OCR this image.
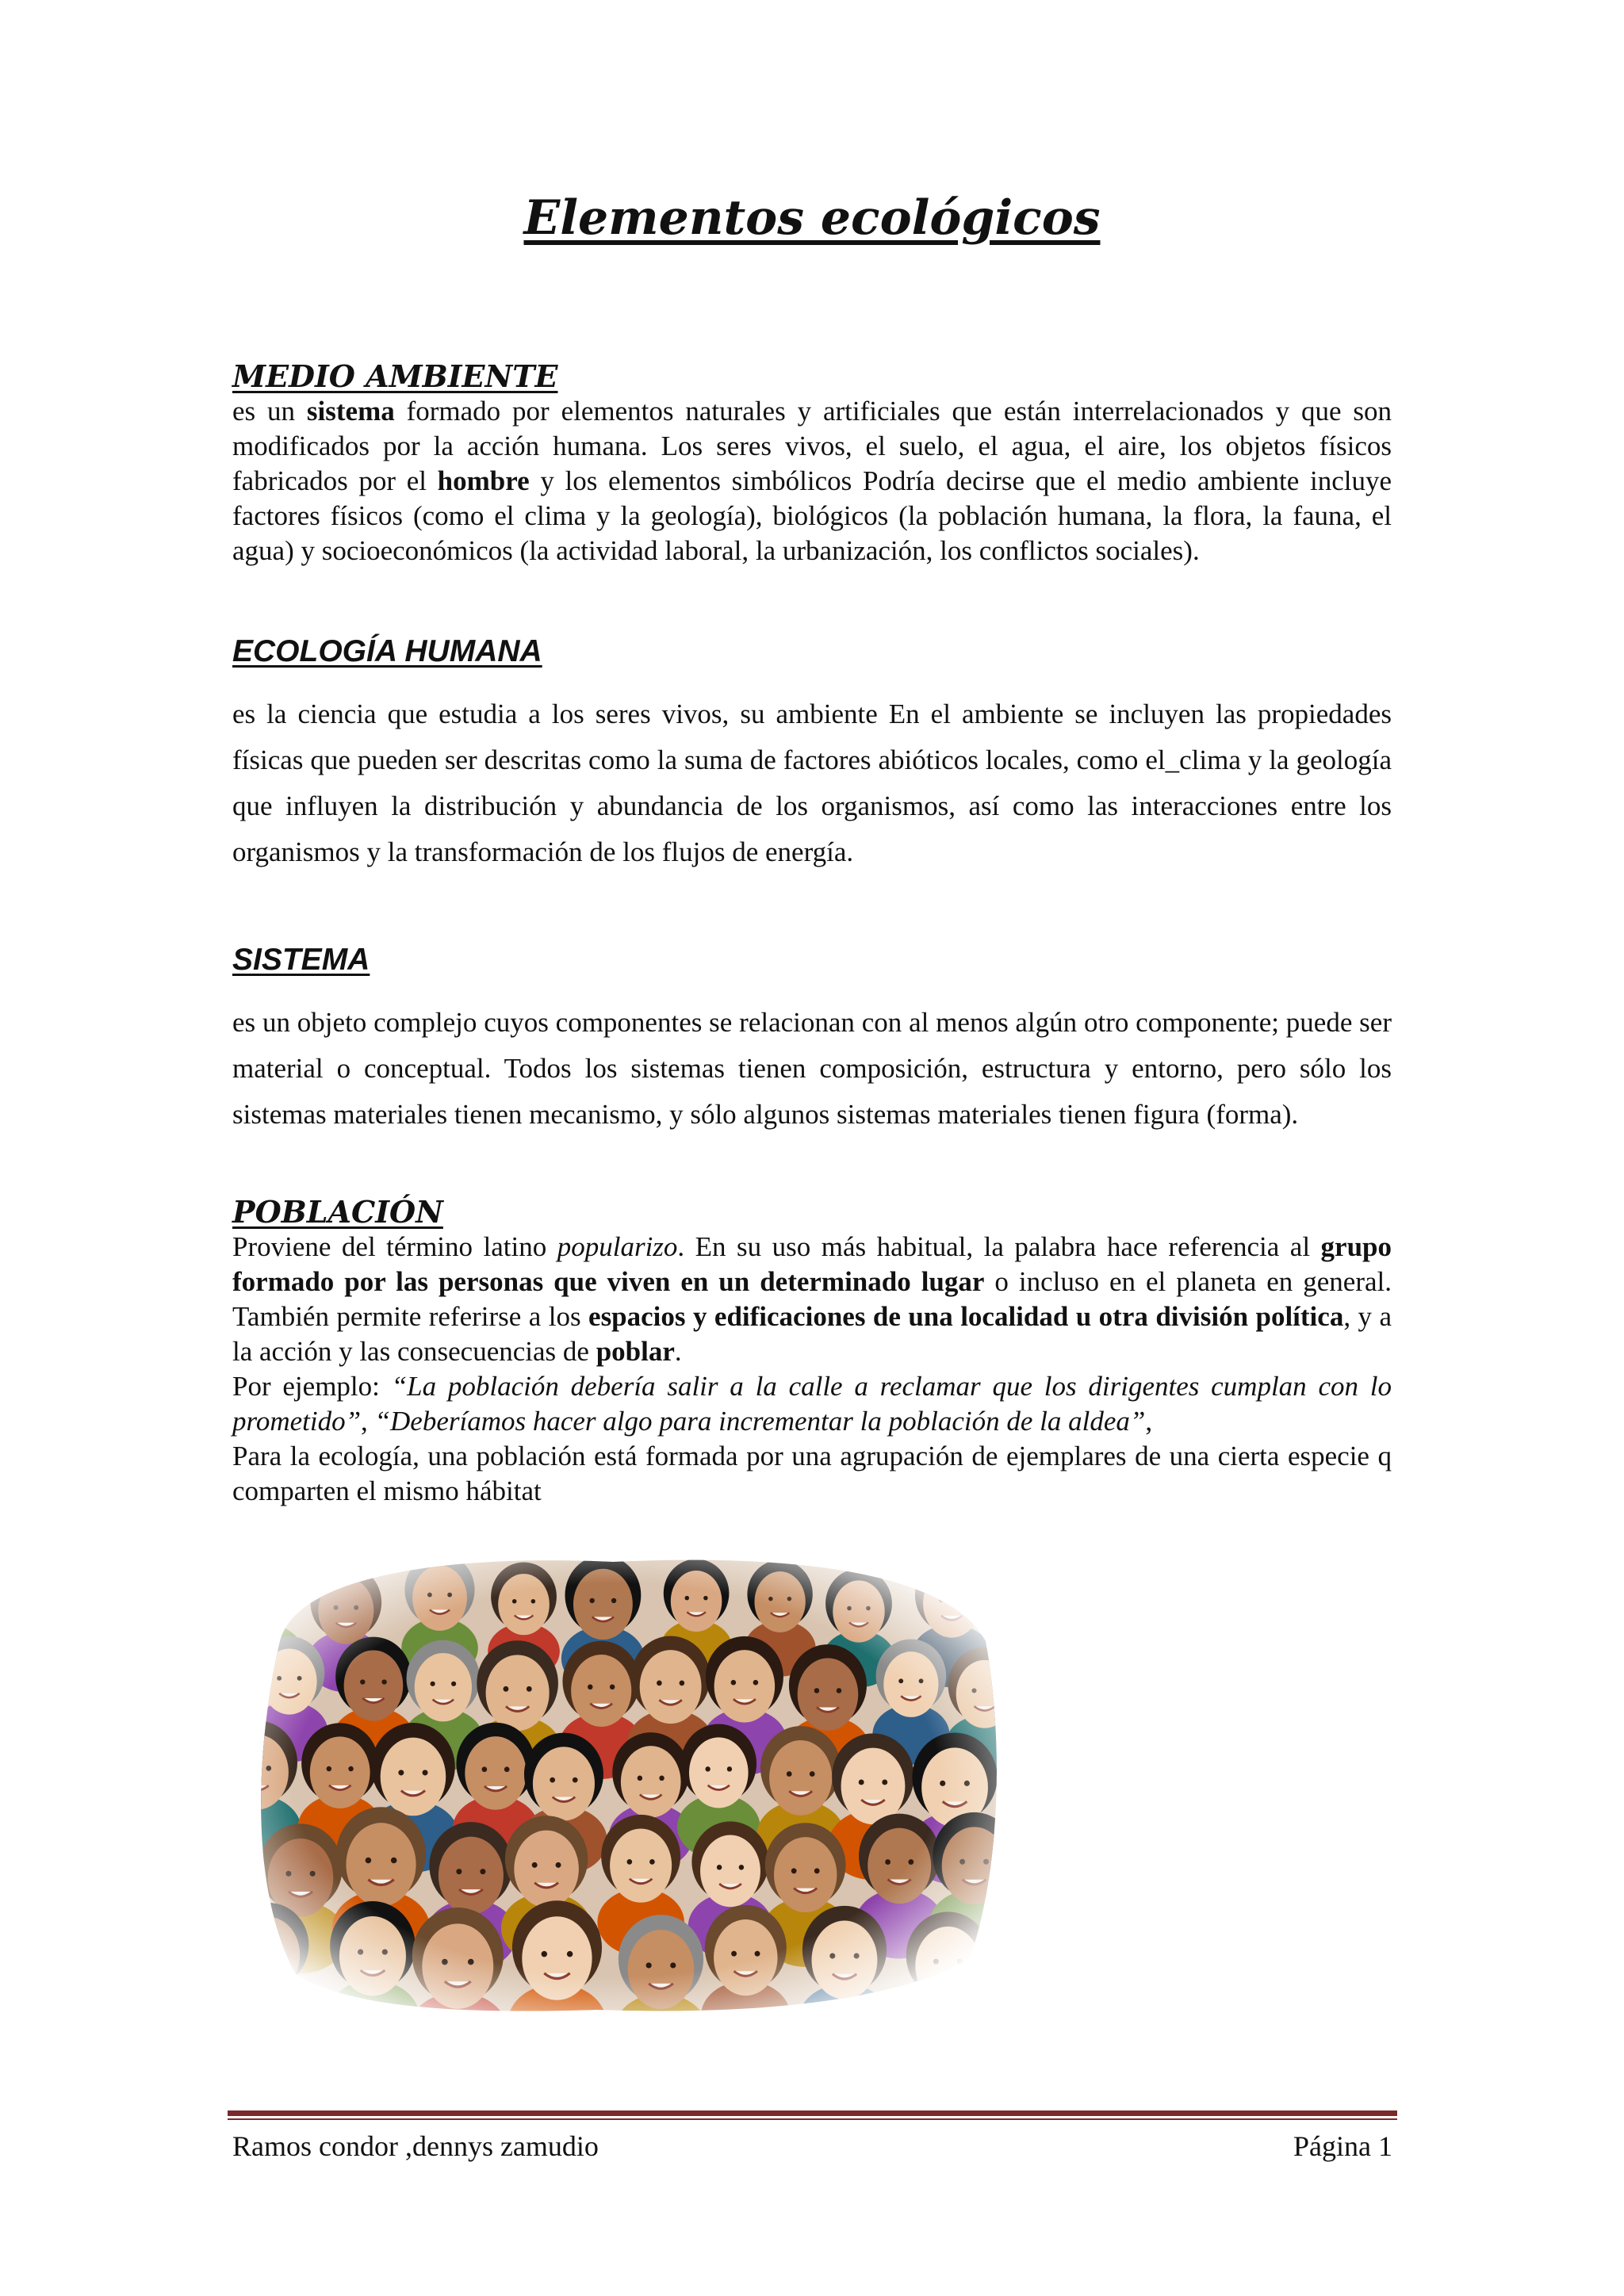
Elementos ecológicos
MEDIO AMBIENTE

es un sistema formado por elementos naturales y artificiales que están interrelacionados y que son modificados por la acción humana. Los seres vivos, el suelo, el agua, el aire, los objetos físicos fabricados por el hombre y los elementos simbólicos Podría decirse que el medio ambiente incluye factores físicos (como el clima y la geología), biológicos (la población humana, la flora, la fauna, el agua) y socioeconómicos (la actividad laboral, la urbanización, los conflictos sociales).

ECOLOGÍA HUMANA

es la ciencia que estudia a los seres vivos, su ambiente En el ambiente se incluyen las propiedades físicas que pueden ser descritas como la suma de factores abióticos locales, como el_clima y la geología que influyen la distribución y abundancia de los organismos, así como las interacciones entre los organismos y la transformación de los flujos de energía.

SISTEMA

es un objeto complejo cuyos componentes se relacionan con al menos algún otro componente; puede ser material o conceptual. Todos los sistemas tienen composición, estructura y entorno, pero sólo los sistemas materiales tienen mecanismo, y sólo algunos sistemas materiales tienen figura (forma).

POBLACIÓN

Proviene del término latino popularizo. En su uso más habitual, la palabra hace referencia al grupo formado por las personas que viven en un determinado lugar o incluso en el planeta en general. También permite referirse a los espacios y edificaciones de una localidad u otra división política, y a la acción y las consecuencias de poblar.

Por ejemplo: “La población debería salir a la calle a reclamar que los dirigentes cumplan con lo prometido”, “Deberíamos hacer algo para incrementar la población de la aldea”,

Para la ecología, una población está formada por una agrupación de ejemplares de una cierta especie q comparten el mismo hábitat

Ramos condor ,dennys zamudio	Página 1
